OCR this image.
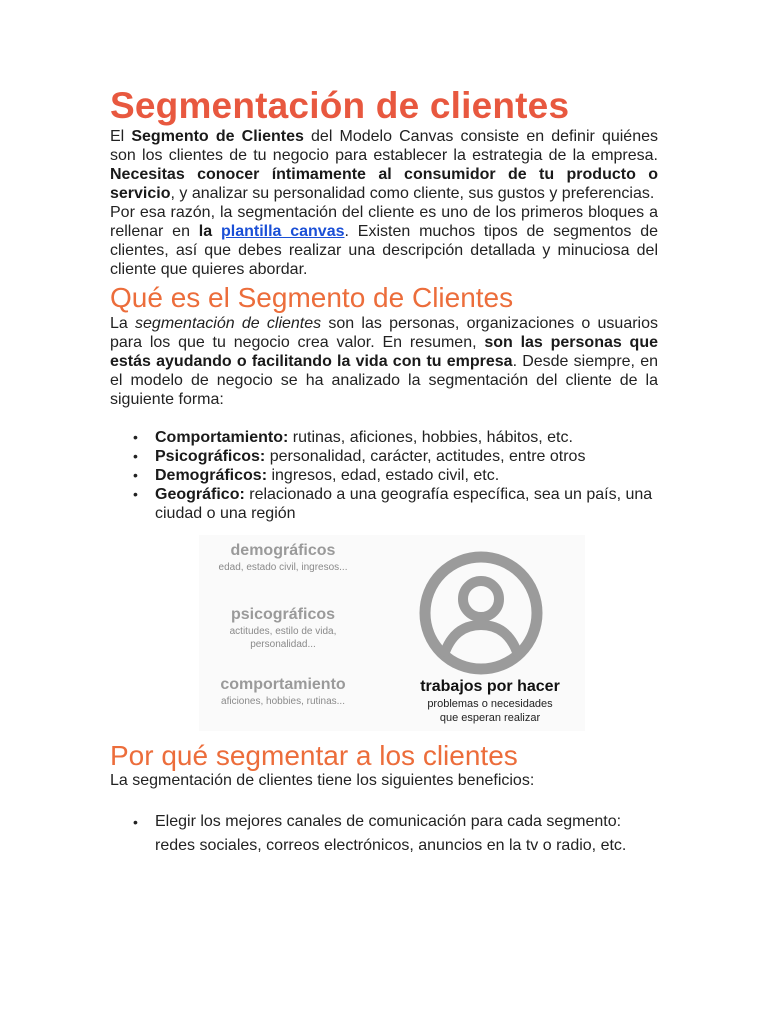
Segmentación de clientes

El Segmento de Clientes del Modelo Canvas consiste en definir quiénes son los clientes de tu negocio para establecer la estrategia de la empresa. Necesitas conocer íntimamente al consumidor de tu producto o servicio, y analizar su personalidad como cliente, sus gustos y preferencias.

Por esa razón, la segmentación del cliente es uno de los primeros bloques a rellenar en la plantilla canvas. Existen muchos tipos de segmentos de clientes, así que debes realizar una descripción detallada y minuciosa del cliente que quieres abordar.

Qué es el Segmento de Clientes

La segmentación de clientes son las personas, organizaciones o usuarios para los que tu negocio crea valor. En resumen, son las personas que estás ayudando o facilitando la vida con tu empresa. Desde siempre, en el modelo de negocio se ha analizado la segmentación del cliente de la siguiente forma:

• Comportamiento: rutinas, aficiones, hobbies, hábitos, etc.
• Psicográficos: personalidad, carácter, actitudes, entre otros
• Demográficos: ingresos, edad, estado civil, etc.
• Geográfico: relacionado a una geografía específica, sea un país, una ciudad o una región
demográficos
edad, estado civil, ingresos...
psicográficos
actitudes, estilo de vida,
personalidad...
comportamiento
aficiones, hobbies, rutinas...
trabajos por hacer
problemas o necesidades
que esperan realizar
Por qué segmentar a los clientes

La segmentación de clientes tiene los siguientes beneficios:

• Elegir los mejores canales de comunicación para cada segmento: redes sociales, correos electrónicos, anuncios en la tv o radio, etc.
